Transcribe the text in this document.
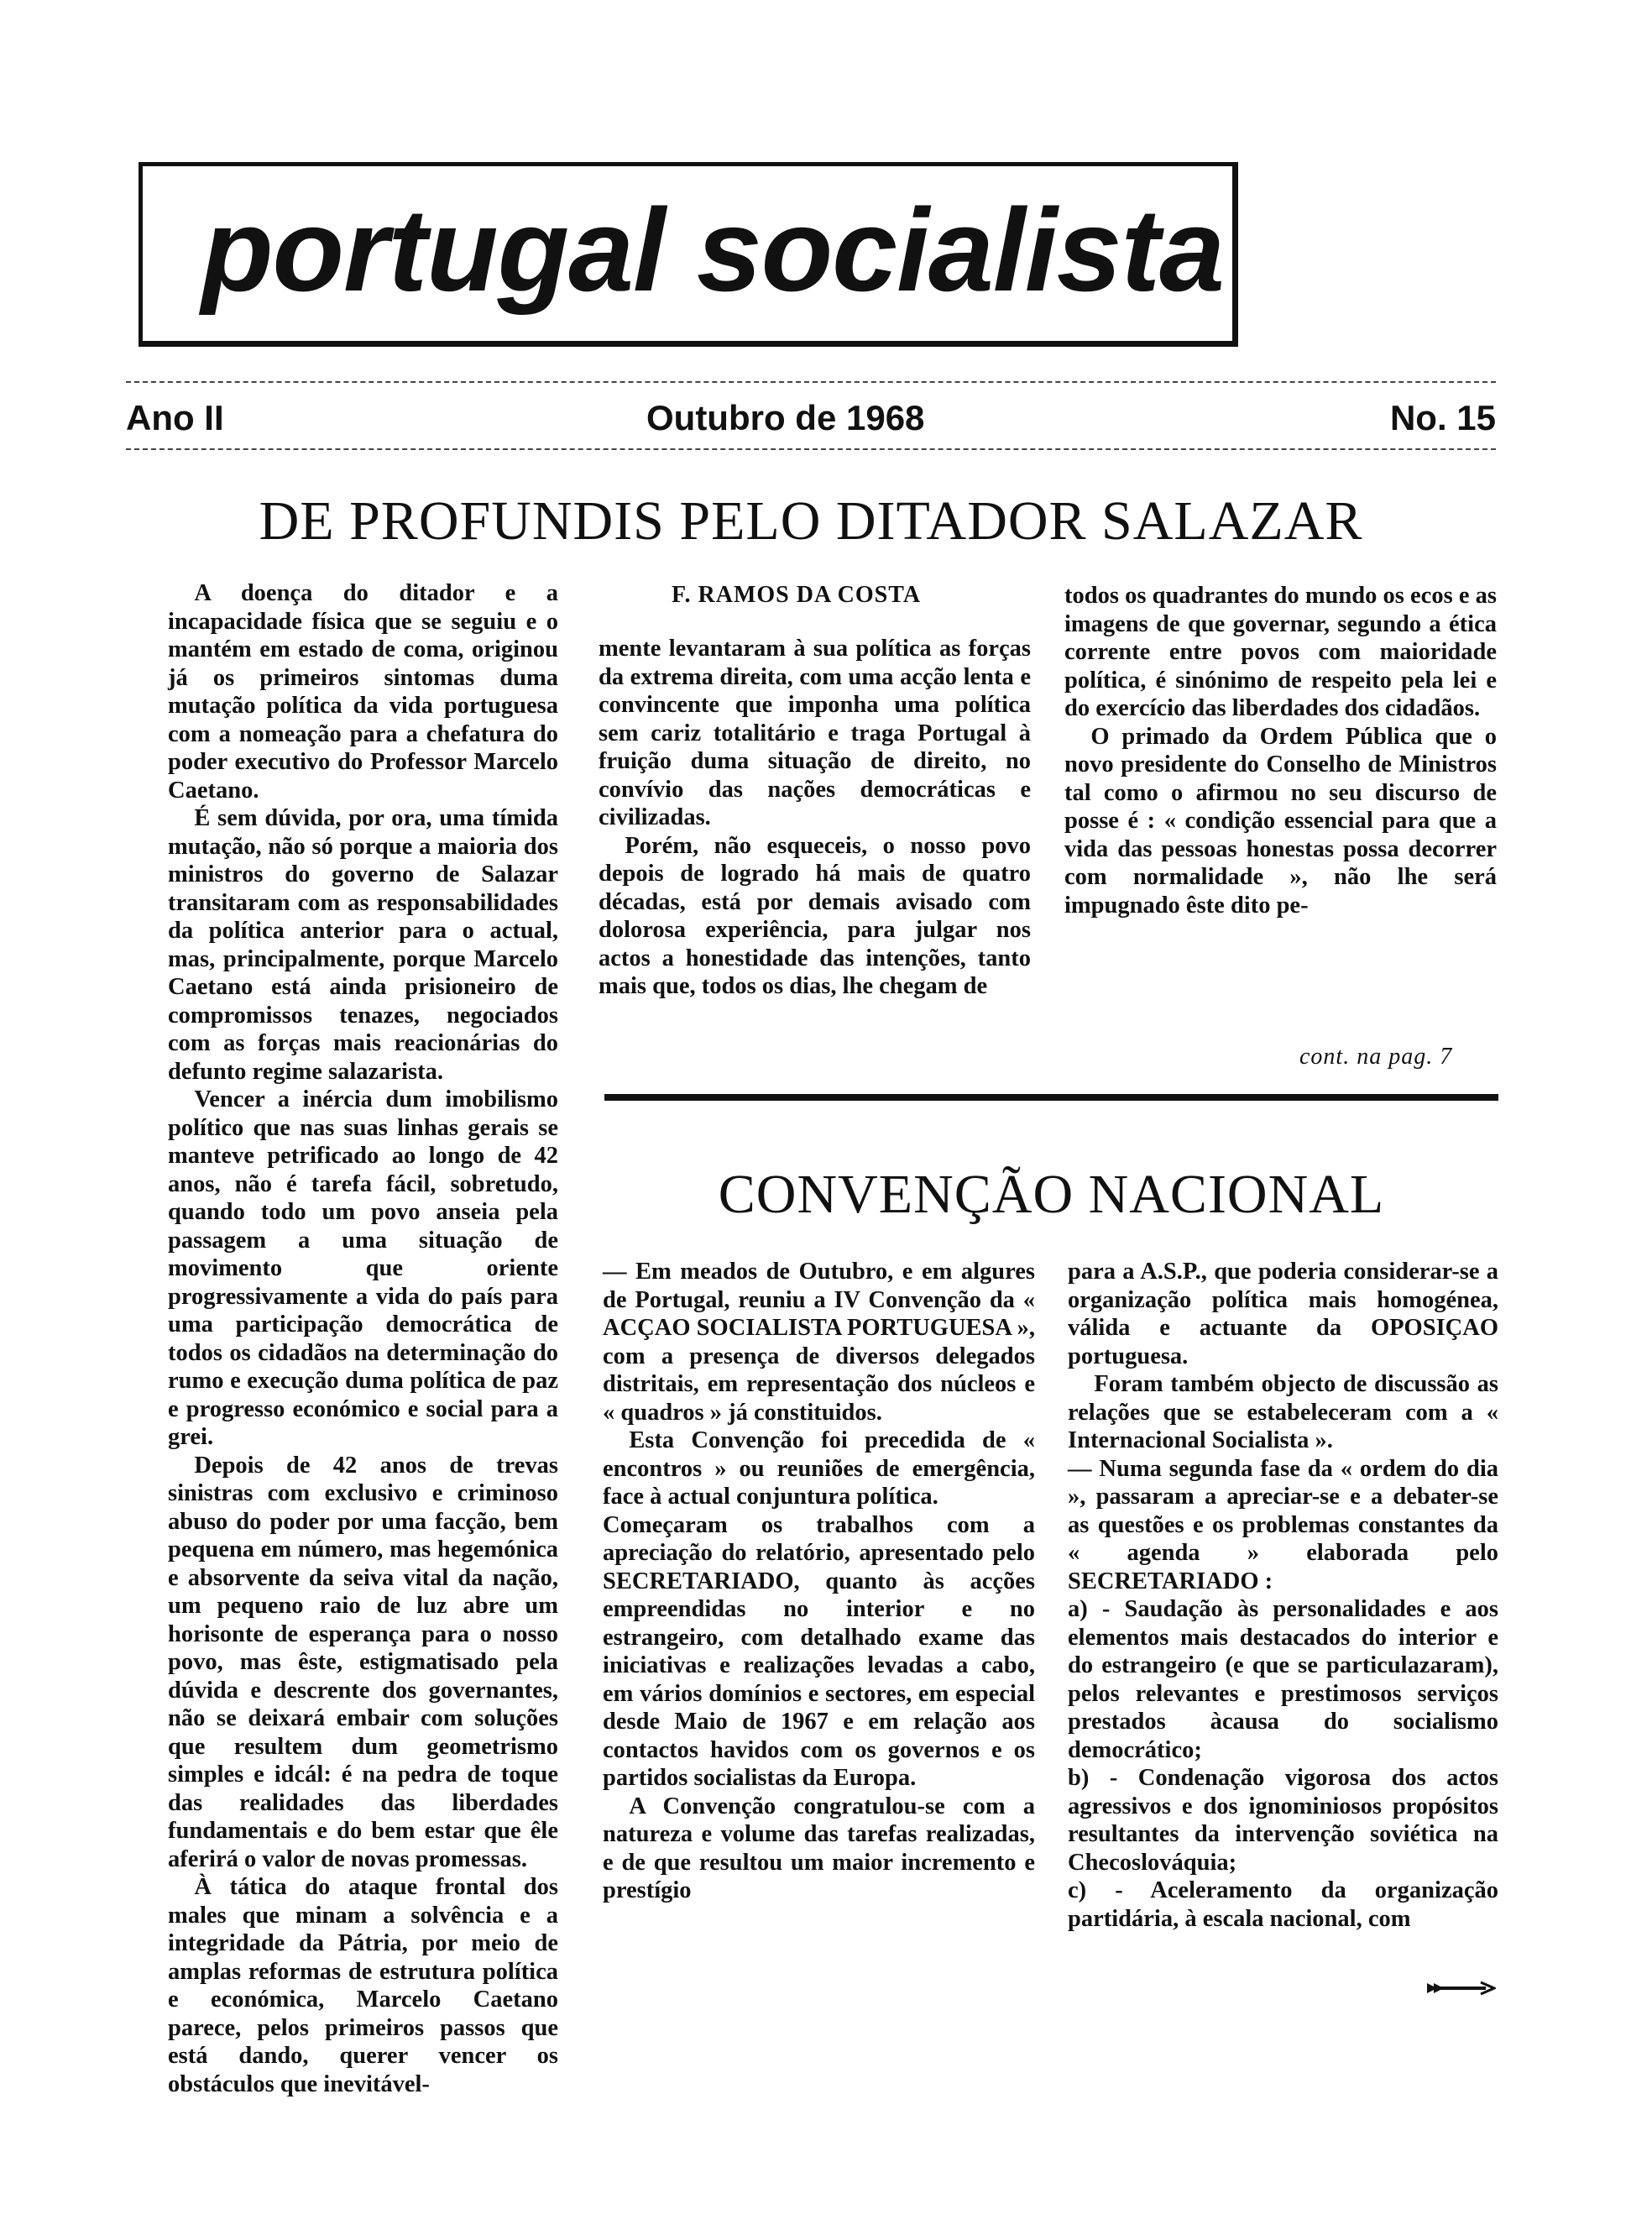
portugal socialista
Ano II	Outubro de 1968	No. 15
DE PROFUNDIS PELO DITADOR SALAZAR

A doença do ditador e a incapacidade física que se seguiu e o mantém em estado de coma, originou já os primeiros sintomas duma mutação política da vida portuguesa com a nomeação para a chefatura do poder executivo do Professor Marcelo Caetano.

É sem dúvida, por ora, uma tímida mutação, não só porque a maioria dos ministros do governo de Salazar transitaram com as responsabilidades da política anterior para o actual, mas, principalmente, porque Marcelo Caetano está ainda prisioneiro de compromissos tenazes, negociados com as forças mais reacionárias do defunto regime salazarista.

Vencer a inércia dum imobilismo político que nas suas linhas gerais se manteve petrificado ao longo de 42 anos, não é tarefa fácil, sobretudo, quando todo um povo anseia pela passagem a uma situação de movimento que oriente progressivamente a vida do país para uma participação democrática de todos os cidadãos na determinação do rumo e execução duma política de paz e progresso económico e social para a grei.

Depois de 42 anos de trevas sinistras com exclusivo e criminoso abuso do poder por uma facção, bem pequena em número, mas hegemónica e absorvente da seiva vital da nação, um pequeno raio de luz abre um horisonte de esperança para o nosso povo, mas êste, estigmatisado pela dúvida e descrente dos governantes, não se deixará embair com soluções que resultem dum geometrismo simples e idcál: é na pedra de toque das realidades das liberdades fundamentais e do bem estar que êle aferirá o valor de novas promessas.

À tática do ataque frontal dos males que minam a solvência e a integridade da Pátria, por meio de amplas reformas de estrutura política e económica, Marcelo Caetano parece, pelos primeiros passos que está dando, querer vencer os obstáculos que inevitável-

F. RAMOS DA COSTA

mente levantaram à sua política as forças da extrema direita, com uma acção lenta e convincente que imponha uma política sem cariz totalitário e traga Portugal à fruição duma situação de direito, no convívio das nações democráticas e civilizadas.

Porém, não esqueceis, o nosso povo depois de logrado há mais de quatro décadas, está por demais avisado com dolorosa experiência, para julgar nos actos a honestidade das intenções, tanto mais que, todos os dias, lhe chegam de

todos os quadrantes do mundo os ecos e as imagens de que governar, segundo a ética corrente entre povos com maioridade política, é sinónimo de respeito pela lei e do exercício das liberdades dos cidadãos.

O primado da Ordem Pública que o novo presidente do Conselho de Ministros tal como o afirmou no seu discurso de posse é : « condição essencial para que a vida das pessoas honestas possa decorrer com normalidade », não lhe será impugnado êste dito pe-

cont. na pag. 7
CONVENÇÃO NACIONAL

— Em meados de Outubro, e em algures de Portugal, reuniu a IV Convenção da « ACÇAO SOCIALISTA PORTUGUESA », com a presença de diversos delegados distritais, em representação dos núcleos e « quadros » já constituidos.

Esta Convenção foi precedida de « encontros » ou reuniões de emergência, face à actual conjuntura política.

Começaram os trabalhos com a apreciação do relatório, apresentado pelo SECRETARIADO, quanto às acções empreendidas no interior e no estrangeiro, com detalhado exame das iniciativas e realizações levadas a cabo, em vários domínios e sectores, em especial desde Maio de 1967 e em relação aos contactos havidos com os governos e os partidos socialistas da Europa.

A Convenção congratulou-se com a natureza e volume das tarefas realizadas, e de que resultou um maior incremento e prestígio

para a A.S.P., que poderia considerar-se a organização política mais homogénea, válida e actuante da OPOSIÇAO portuguesa.

Foram também objecto de discussão as relações que se estabeleceram com a « Internacional Socialista ».

— Numa segunda fase da « ordem do dia », passaram a apreciar-se e a debater-se as questões e os problemas constantes da « agenda » elaborada pelo SECRETARIADO :

a) - Saudação às personalidades e aos elementos mais destacados do interior e do estrangeiro (e que se particulazaram), pelos relevantes e prestimosos serviços prestados àcausa do socialismo democrático;

b) - Condenação vigorosa dos actos agressivos e dos ignominiosos propósitos resultantes da intervenção soviética na Checoslováquia;

c) - Aceleramento da organização partidária, à escala nacional, com
